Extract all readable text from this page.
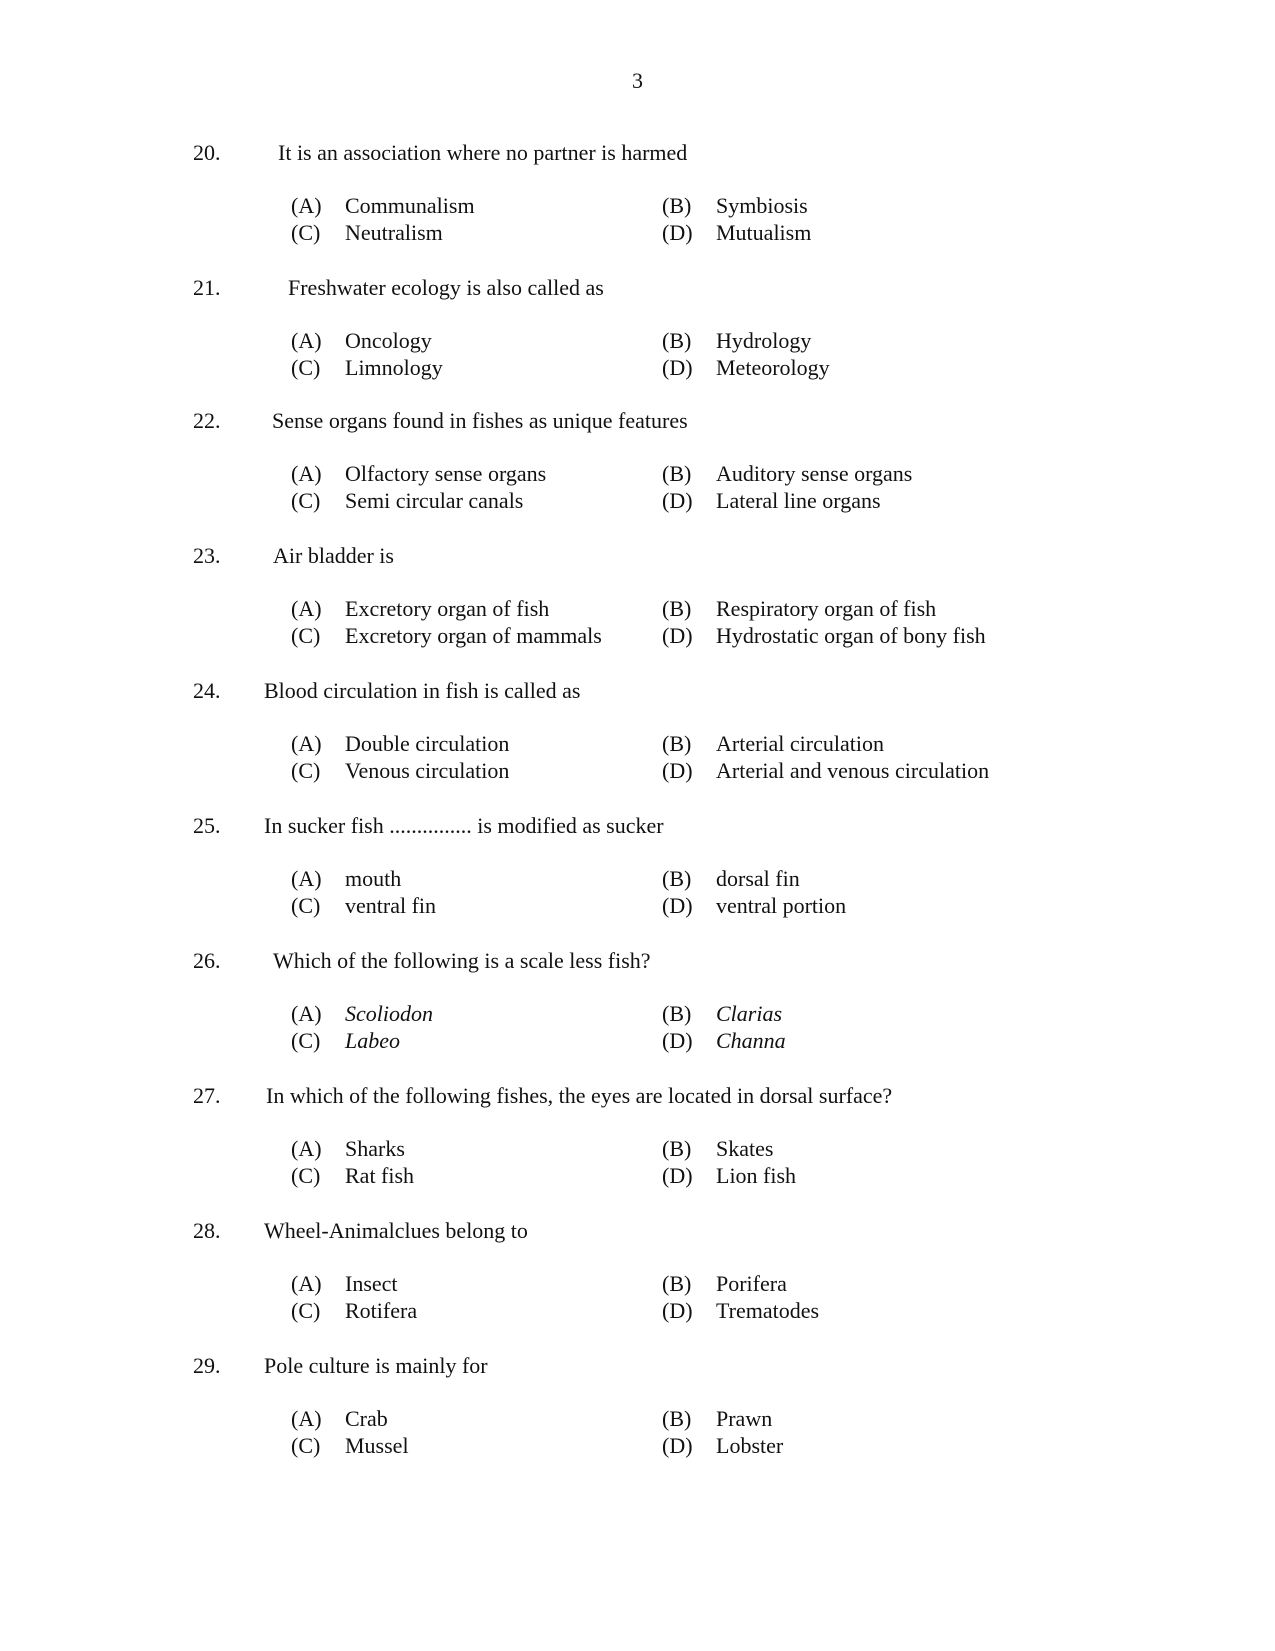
3
20.	It is an association where no partner is harmed
(A) Communalism	(B) Symbiosis
(C) Neutralism	(D) Mutualism
21.	Freshwater ecology is also called as
(A) Oncology	(B) Hydrology
(C) Limnology	(D) Meteorology
22. Sense organs found in fishes as unique features
(A) Olfactory sense organs	(B) Auditory sense organs
(C) Semi circular canals	(D) Lateral line organs
23. Air bladder is
(A) Excretory organ of fish	(B) Respiratory organ of fish
(C) Excretory organ of mammals	(D) Hydrostatic organ of bony fish
24. Blood circulation in fish is called as
(A) Double circulation	(B) Arterial circulation
(C) Venous circulation	(D) Arterial and venous circulation
25. In sucker fish ............... is modified as sucker
(A) mouth	(B) dorsal fin
(C) ventral fin	(D) ventral portion
26. Which of the following is a scale less fish?
(A) Scoliodon	(B) Clarias
(C) Labeo	(D) Channa
27. In which of the following fishes, the eyes are located in dorsal surface?
(A) Sharks	(B) Skates
(C) Rat fish	(D) Lion fish
28. Wheel-Animalclues belong to
(A) Insect	(B) Porifera
(C) Rotifera	(D) Trematodes
29. Pole culture is mainly for
(A) Crab	(B) Prawn
(C) Mussel	(D) Lobster
